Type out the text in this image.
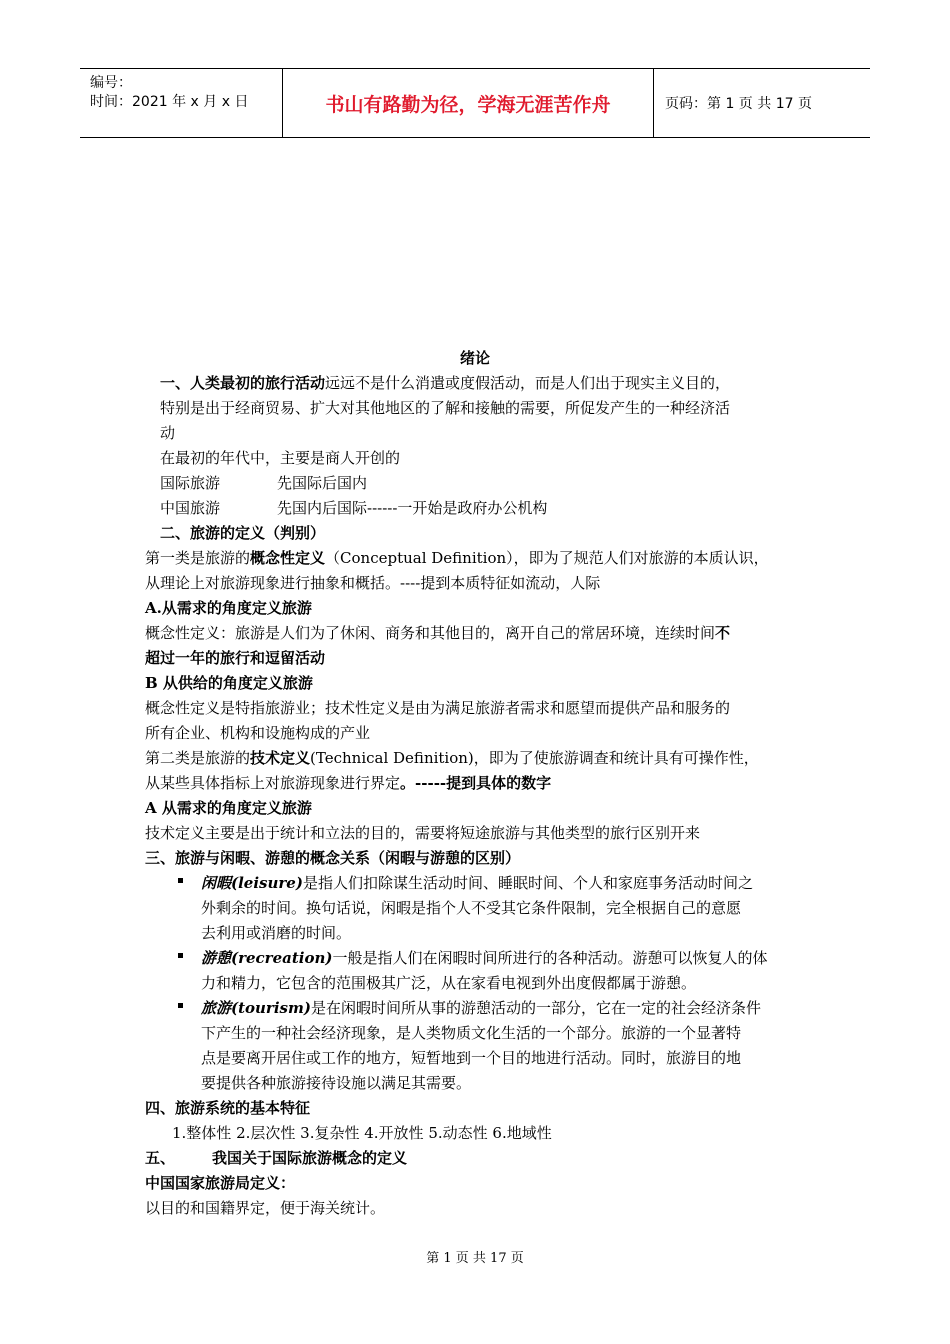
编号：
时间：2021 年 x 月 x 日	书山有路勤为径，学海无涯苦作舟	页码：第 1 页 共 17 页
绪论
一、人类最初的旅行活动远远不是什么消遣或度假活动，而是人们出于现实主义目的，
特别是出于经商贸易、扩大对其他地区的了解和接触的需要，所促发产生的一种经济活
动
在最初的年代中，主要是商人开创的
国际旅游	先国际后国内
中国旅游	先国内后国际------一开始是政府办公机构
二、旅游的定义（判别）
第一类是旅游的概念性定义（Conceptual Definition），即为了规范人们对旅游的本质认识，
从理论上对旅游现象进行抽象和概括。----提到本质特征如流动，人际
A.从需求的角度定义旅游
概念性定义：旅游是人们为了休闲、商务和其他目的，离开自己的常居环境，连续时间不
超过一年的旅行和逗留活动
B 从供给的角度定义旅游
概念性定义是特指旅游业；技术性定义是由为满足旅游者需求和愿望而提供产品和服务的
所有企业、机构和设施构成的产业
第二类是旅游的技术定义(Technical Definition)，即为了使旅游调查和统计具有可操作性，
从某些具体指标上对旅游现象进行界定。-----提到具体的数字
A 从需求的角度定义旅游
技术定义主要是出于统计和立法的目的，需要将短途旅游与其他类型的旅行区别开来
三、旅游与闲暇、游憩的概念关系（闲暇与游憩的区别）
闲暇(leisure)是指人们扣除谋生活动时间、睡眠时间、个人和家庭事务活动时间之
外剩余的时间。换句话说，闲暇是指个人不受其它条件限制，完全根据自己的意愿
去利用或消磨的时间。
游憩(recreation)一般是指人们在闲暇时间所进行的各种活动。游憩可以恢复人的体
力和精力，它包含的范围极其广泛，从在家看电视到外出度假都属于游憩。
旅游(tourism)是在闲暇时间所从事的游憩活动的一部分，它在一定的社会经济条件
下产生的一种社会经济现象，是人类物质文化生活的一个部分。旅游的一个显著特
点是要离开居住或工作的地方，短暂地到一个目的地进行活动。同时，旅游目的地
要提供各种旅游接待设施以满足其需要。
四、旅游系统的基本特征
1.整体性 2.层次性 3.复杂性 4.开放性 5.动态性 6.地域性
五、 我国关于国际旅游概念的定义
中国国家旅游局定义：
以目的和国籍界定，便于海关统计。
第 1 页 共 17 页
